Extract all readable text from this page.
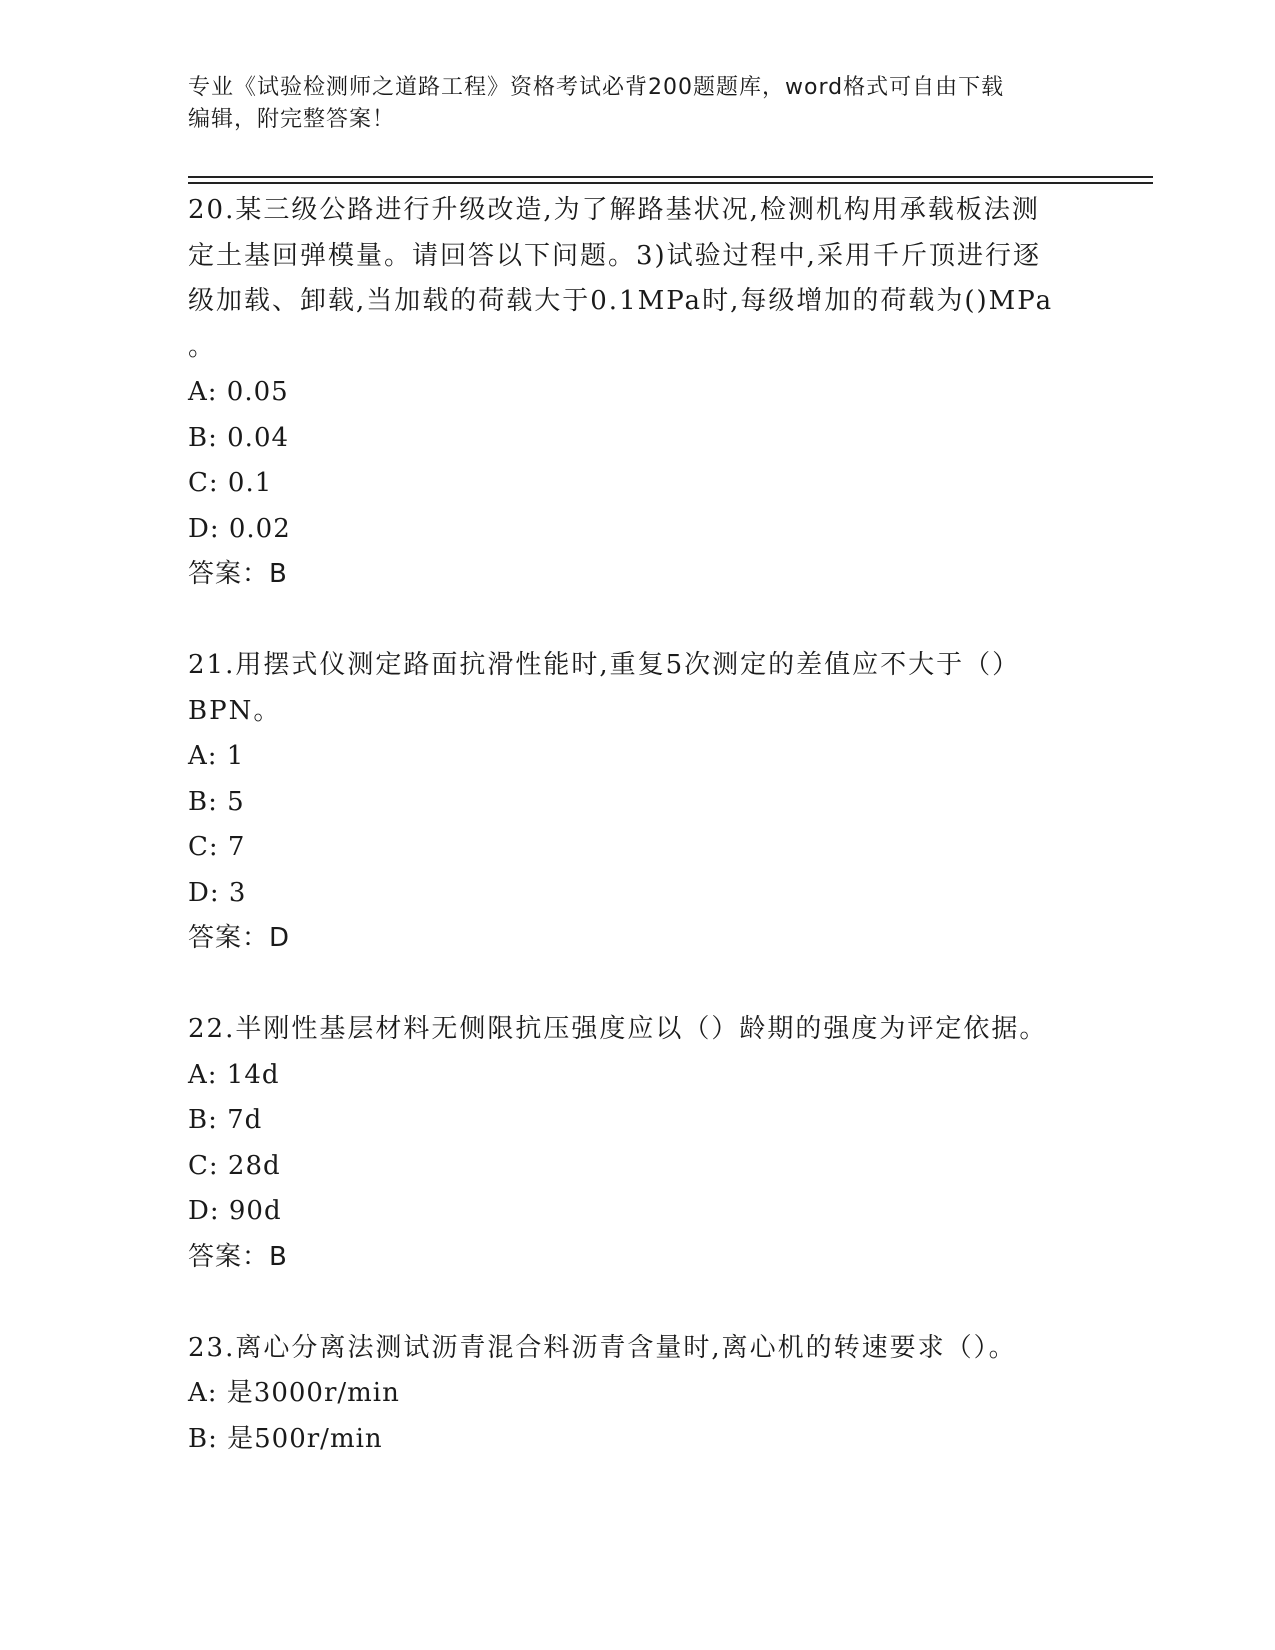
专业《试验检测师之道路工程》资格考试必背200题题库，word格式可自由下载
编辑，附完整答案！

20.某三级公路进行升级改造,为了解路基状况,检测机构用承载板法测

定土基回弹模量。请回答以下问题。3)试验过程中,采用千斤顶进行逐

级加载、卸载,当加载的荷载大于0.1MPa时,每级增加的荷载为()MPa

。

A: 0.05

B: 0.04

C: 0.1

D: 0.02

答案：B

21.用摆式仪测定路面抗滑性能时,重复5次测定的差值应不大于（）

BPN。

A: 1

B: 5

C: 7

D: 3

答案：D

22.半刚性基层材料无侧限抗压强度应以（）龄期的强度为评定依据。

A: 14d

B: 7d

C: 28d

D: 90d

答案：B

23.离心分离法测试沥青混合料沥青含量时,离心机的转速要求（）。

A: 是3000r/min

B: 是500r/min
